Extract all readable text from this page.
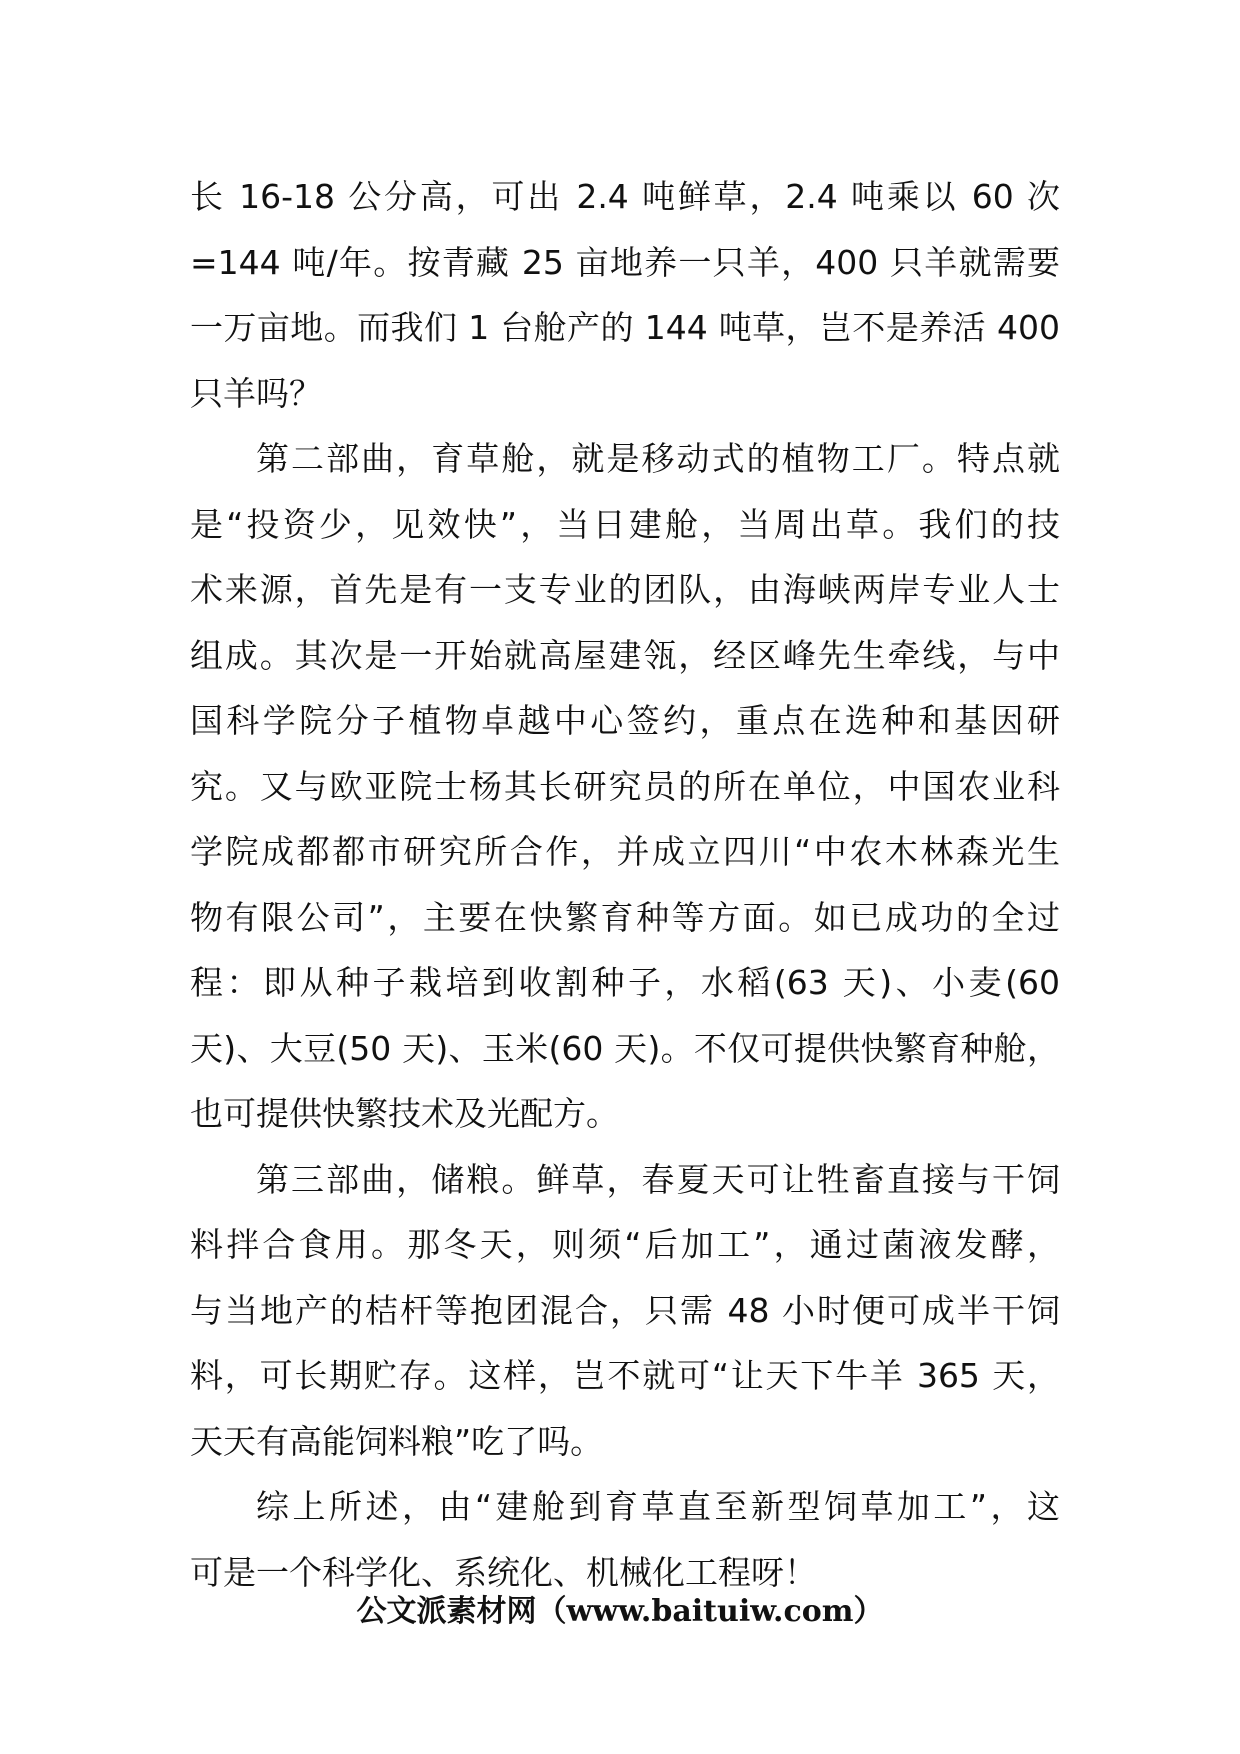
长 16-18 公分高，可出 2.4 吨鲜草，2.4 吨乘以 60 次
=144 吨/年。按青藏 25 亩地养一只羊，400 只羊就需要
一万亩地。而我们 1 台舱产的 144 吨草，岂不是养活 400
只羊吗？
第二部曲，育草舱，就是移动式的植物工厂。特点就
是“投资少，见效快”，当日建舱，当周出草。我们的技
术来源，首先是有一支专业的团队，由海峡两岸专业人士
组成。其次是一开始就高屋建瓴，经区峰先生牵线，与中
国科学院分子植物卓越中心签约，重点在选种和基因研
究。又与欧亚院士杨其长研究员的所在单位，中国农业科
学院成都都市研究所合作，并成立四川“中农木林森光生
物有限公司”，主要在快繁育种等方面。如已成功的全过
程：即从种子栽培到收割种子，水稻(63 天)、小麦(60
天)、大豆(50 天)、玉米(60 天)。不仅可提供快繁育种舱，
也可提供快繁技术及光配方。
第三部曲，储粮。鲜草，春夏天可让牲畜直接与干饲
料拌合食用。那冬天，则须“后加工”，通过菌液发酵，
与当地产的桔杆等抱团混合，只需 48 小时便可成半干饲
料，可长期贮存。这样，岂不就可“让天下牛羊 365 天，
天天有高能饲料粮”吃了吗。
综上所述，由“建舱到育草直至新型饲草加工”，这
可是一个科学化、系统化、机械化工程呀！
公文派素材网（www.baituiw.com）
